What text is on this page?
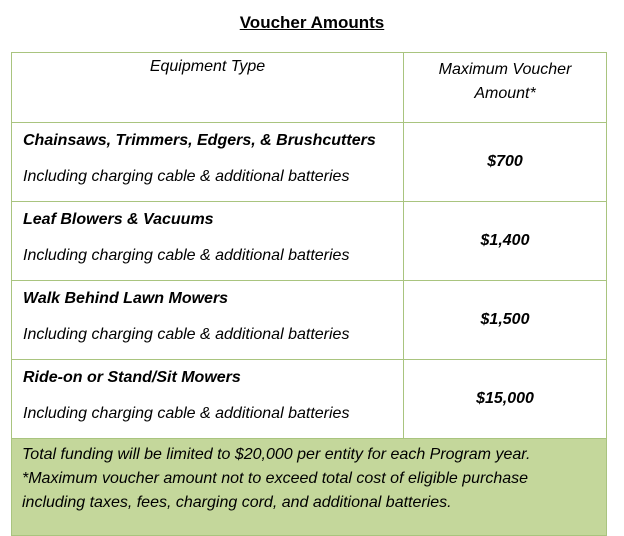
Voucher Amounts
Equipment Type	Maximum Voucher
Amount*

Chainsaws, Trimmers, Edgers, & Brushcutters
Including charging cable & additional batteries	$700

Leaf Blowers & Vacuums
Including charging cable & additional batteries	$1,400

Walk Behind Lawn Mowers
Including charging cable & additional batteries	$1,500

Ride-on or Stand/Sit Mowers
Including charging cable & additional batteries	$15,000

Total funding will be limited to $20,000 per entity for each Program year.
*Maximum voucher amount not to exceed total cost of eligible purchase
including taxes, fees, charging cord, and additional batteries.	
